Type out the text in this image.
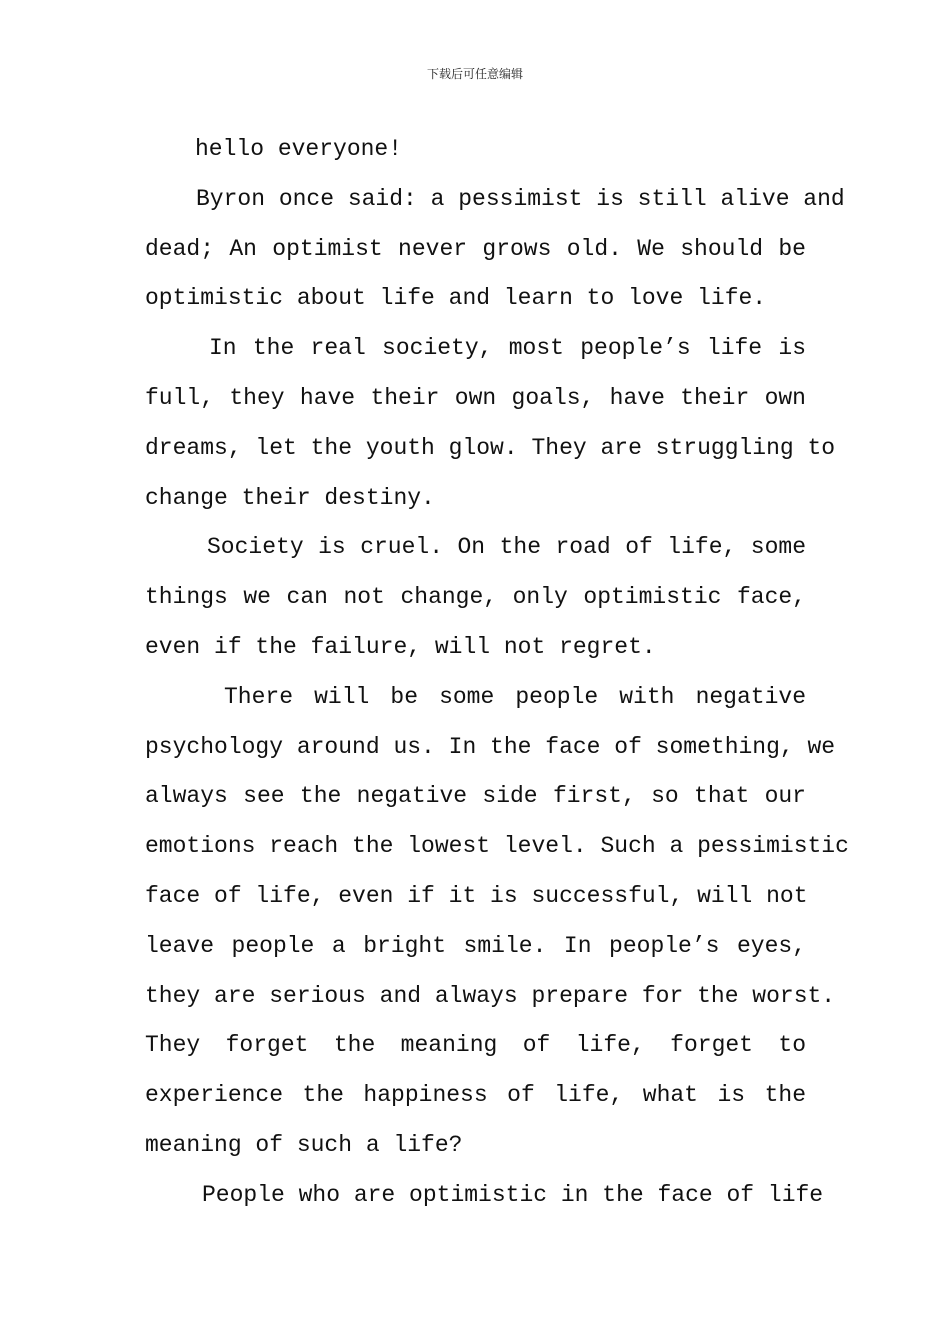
下载后可任意编辑
hello everyone!
Byron once said: a pessimist is still alive and
dead; An optimist never grows old. We should be
optimistic about life and learn to love life.
In the real society, most people’s life is
full, they have their own goals, have their own
dreams, let the youth glow. They are struggling to
change their destiny.
Society is cruel. On the road of life, some
things we can not change, only optimistic face,
even if the failure, will not regret.
There will be some people with negative
psychology around us. In the face of something, we
always see the negative side first, so that our
emotions reach the lowest level. Such a pessimistic
face of life, even if it is successful, will not
leave people a bright smile. In people’s eyes,
they are serious and always prepare for the worst.
They forget the meaning of life, forget to
experience the happiness of life, what is the
meaning of such a life?
People who are optimistic in the face of life
